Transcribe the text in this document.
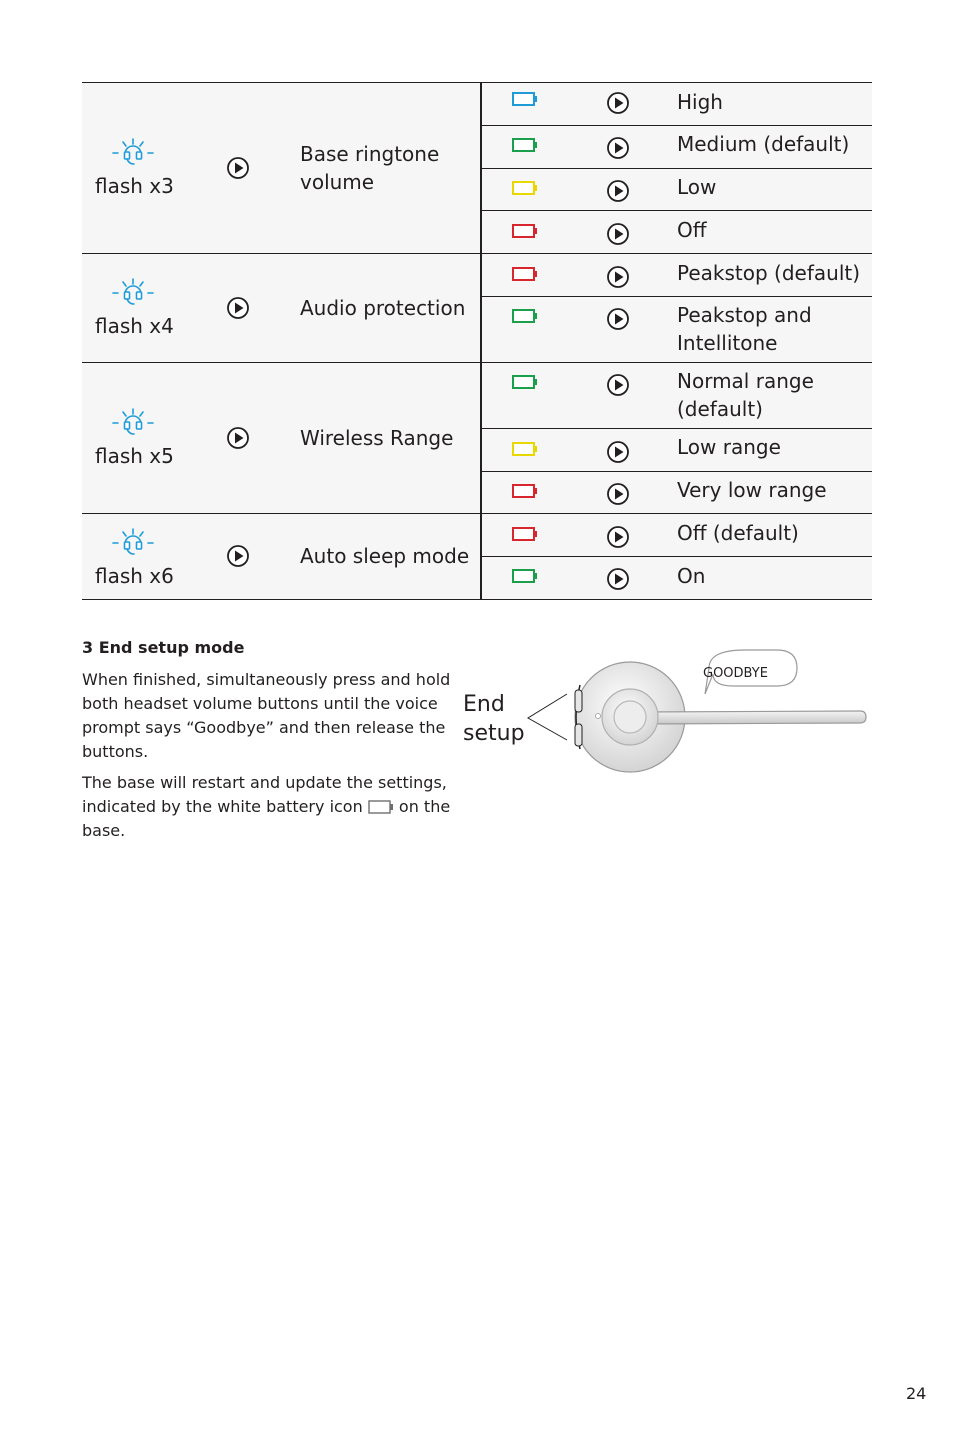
flash x3
Base ringtone volume
High
Medium (default)
Low
Off
flash x4
Audio protection
Peakstop (default)
Peakstop and Intellitone
flash x5
Wireless Range
Normal range (default)
Low range
Very low range
flash x6
Auto sleep mode
Off (default)
On
3 End setup mode

When finished, simultaneously press and hold both headset volume buttons until the voice prompt says “Goodbye” and then release the buttons.

The base will restart and update the settings, indicated by the white battery icon  on the base.

End setup
GOODBYE
24
